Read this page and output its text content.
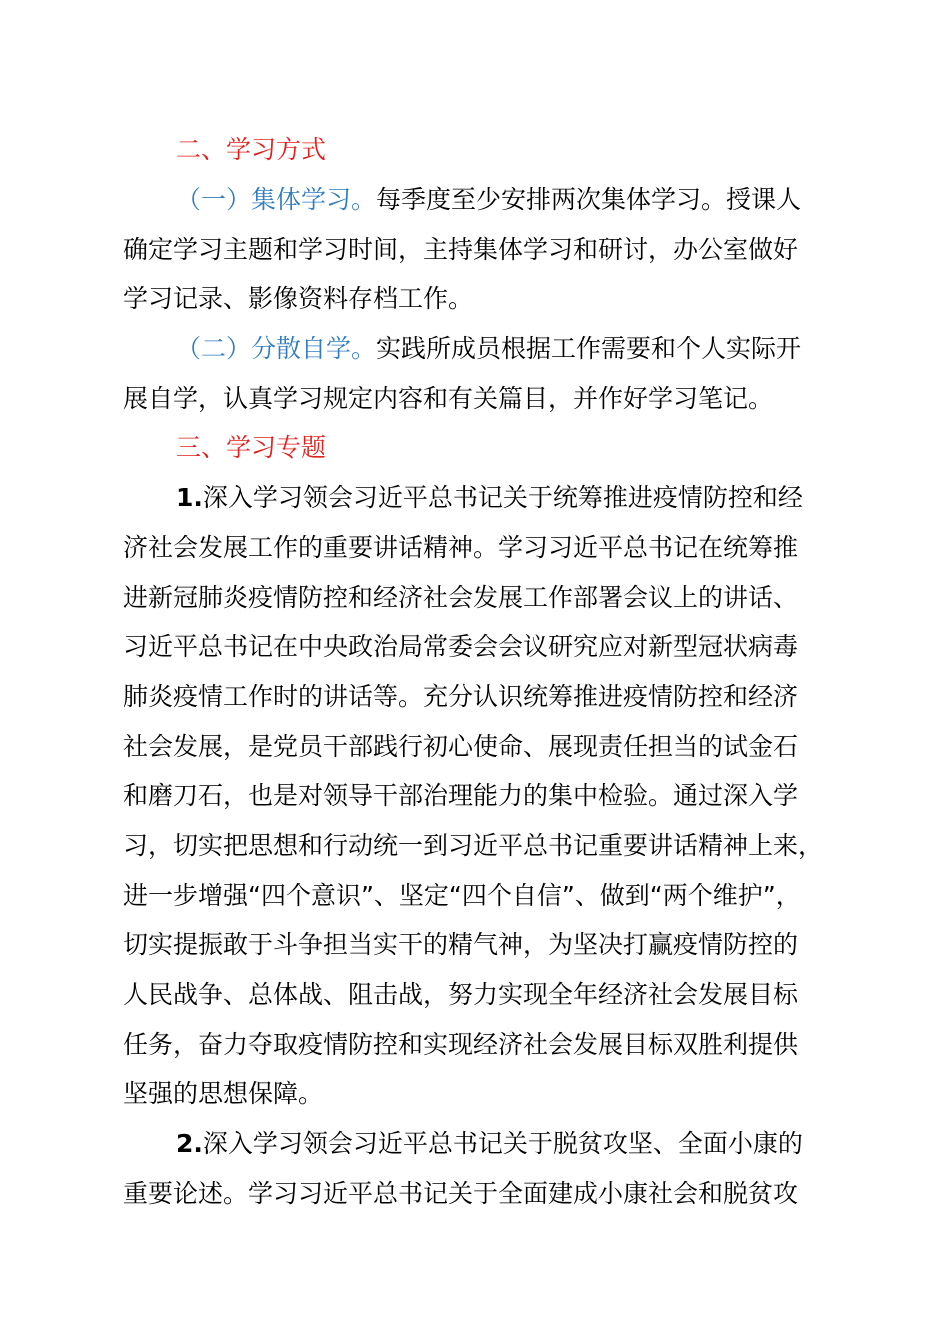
二、学习方式
（一）集体学习。每季度至少安排两次集体学习。授课人
确定学习主题和学习时间，主持集体学习和研讨，办公室做好
学习记录、影像资料存档工作。
（二）分散自学。实践所成员根据工作需要和个人实际开
展自学，认真学习规定内容和有关篇目，并作好学习笔记。
三、学习专题
1.深入学习领会习近平总书记关于统筹推进疫情防控和经
济社会发展工作的重要讲话精神。学习习近平总书记在统筹推
进新冠肺炎疫情防控和经济社会发展工作部署会议上的讲话、
习近平总书记在中央政治局常委会会议研究应对新型冠状病毒
肺炎疫情工作时的讲话等。充分认识统筹推进疫情防控和经济
社会发展，是党员干部践行初心使命、展现责任担当的试金石
和磨刀石，也是对领导干部治理能力的集中检验。通过深入学
习，切实把思想和行动统一到习近平总书记重要讲话精神上来，
进一步增强“四个意识”、坚定“四个自信”、做到“两个维护”，
切实提振敢于斗争担当实干的精气神，为坚决打赢疫情防控的
人民战争、总体战、阻击战，努力实现全年经济社会发展目标
任务，奋力夺取疫情防控和实现经济社会发展目标双胜利提供
坚强的思想保障。
2.深入学习领会习近平总书记关于脱贫攻坚、全面小康的
重要论述。学习习近平总书记关于全面建成小康社会和脱贫攻
